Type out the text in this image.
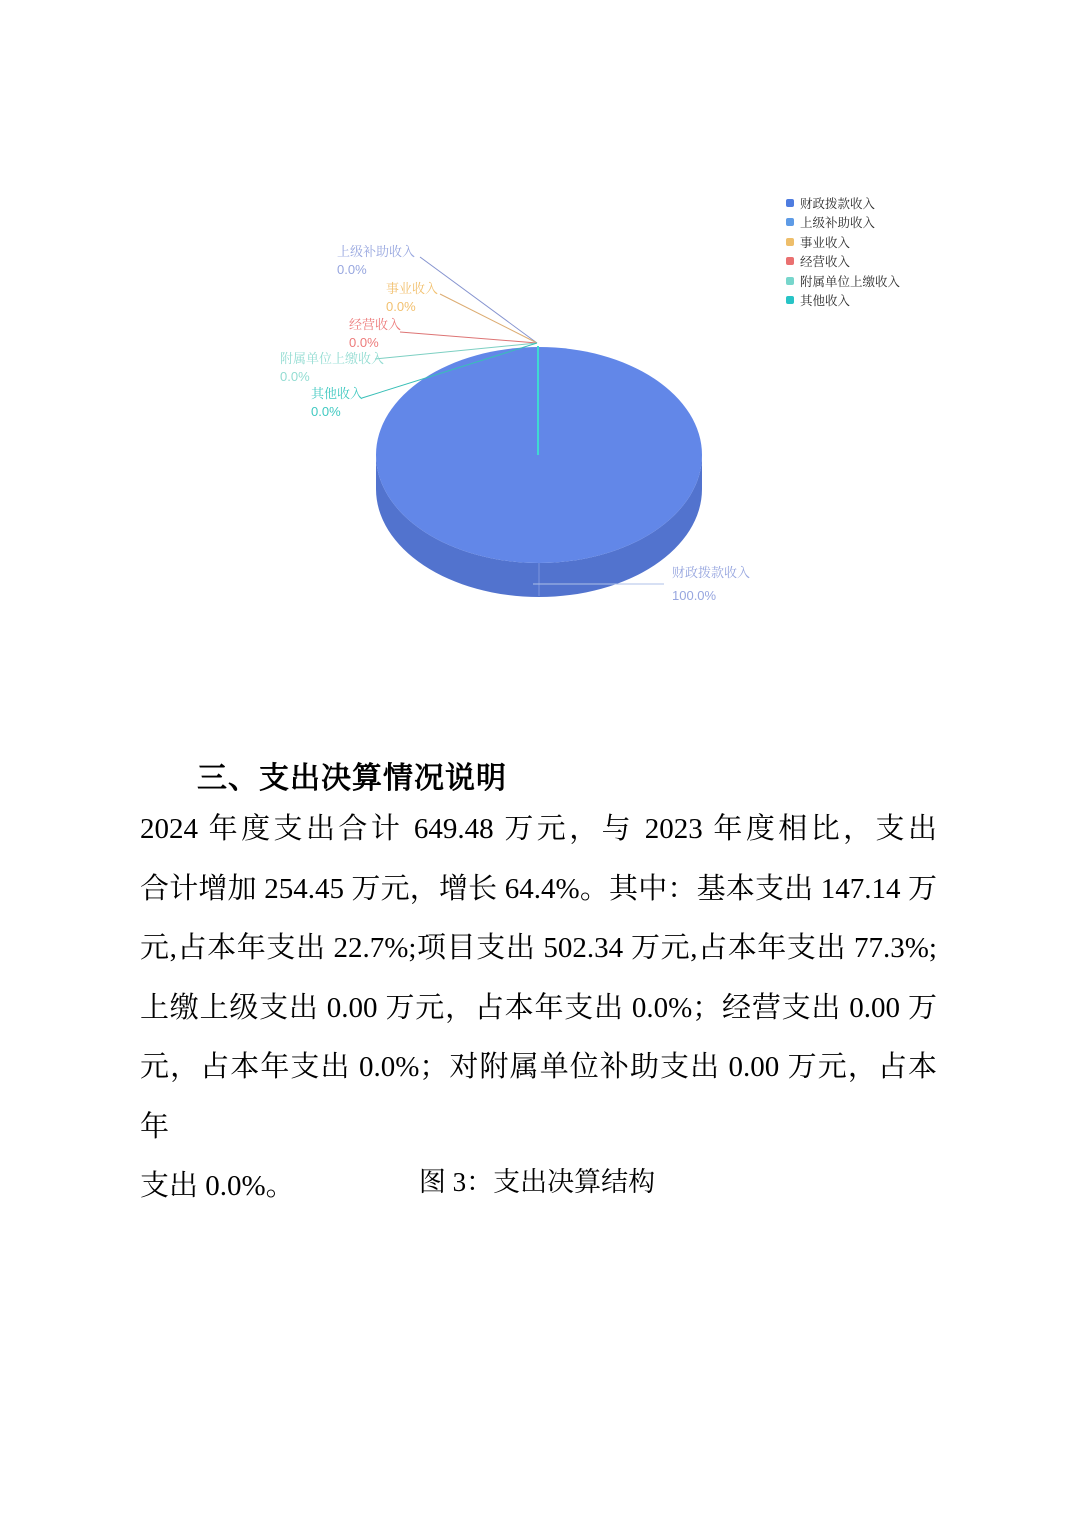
上级补助收入
0.0%
事业收入
0.0%
经营收入
0.0%
附属单位上缴收入
0.0%
其他收入
0.0%
财政拨款收入
100.0%
财政拨款收入
上级补助收入
事业收入
经营收入
附属单位上缴收入
其他收入
三、支出决算情况说明
2024 年度支出合计 649.48 万元，与 2023 年度相比，支出
合计增加 254.45 万元，增长 64.4%。其中：基本支出 147.14 万
元,占本年支出 22.7%;项目支出 502.34 万元,占本年支出 77.3%;
上缴上级支出 0.00 万元，占本年支出 0.0%；经营支出 0.00 万
元，占本年支出 0.0%；对附属单位补助支出 0.00 万元，占本年
支出 0.0%。	图 3：支出决算结构
